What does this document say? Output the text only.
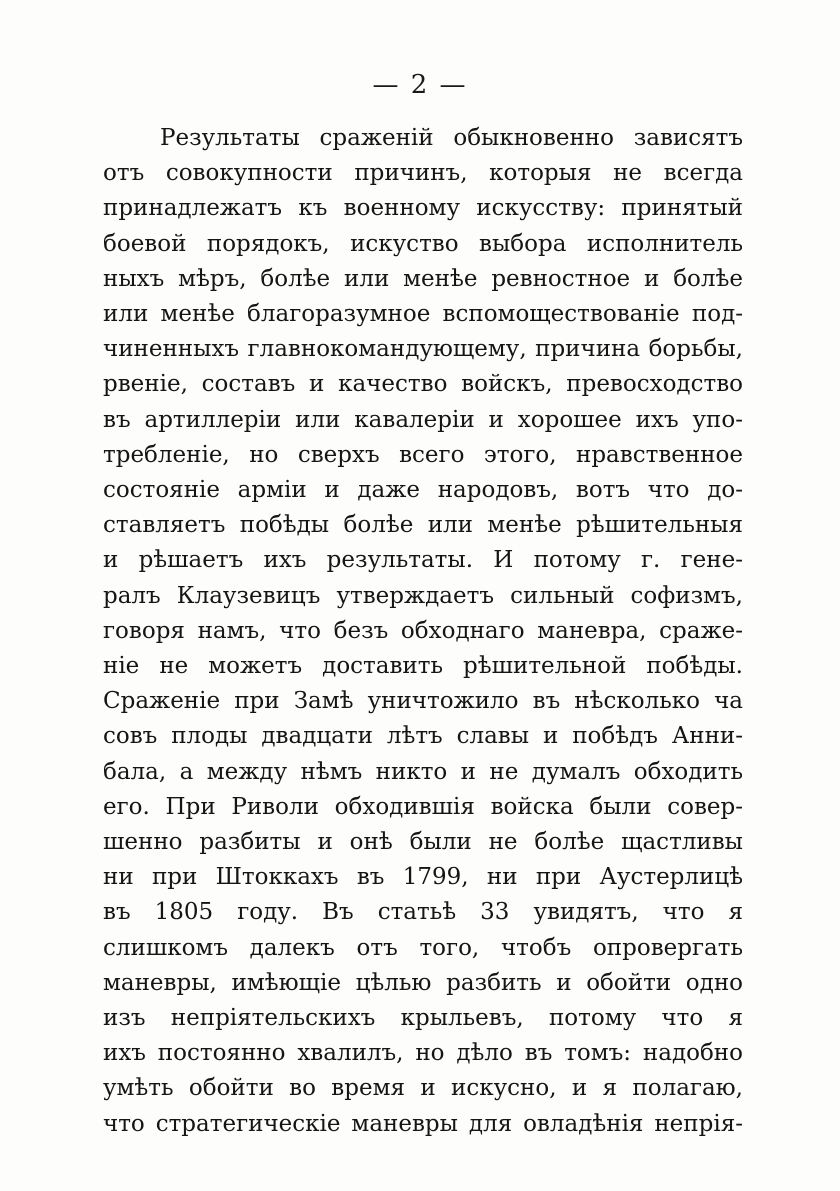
— 2 —
Результаты сраженій обыкновенно зависятъ
отъ совокупности причинъ, которыя не всегда
принадлежатъ къ военному искусству: принятый
боевой порядокъ, искуство выбора исполнитель
ныхъ мѣръ, болѣе или менѣе ревностное и болѣе
или менѣе благоразумное вспомоществованіе под-
чиненныхъ главнокомандующему, причина борьбы,
рвеніе, составъ и качество войскъ, превосходство
въ артиллеріи или кавалеріи и хорошее ихъ упо-
требленіе, но сверхъ всего этого, нравственное
состояніе арміи и даже народовъ, вотъ что до-
ставляетъ побѣды болѣе или менѣе рѣшительныя
и рѣшаетъ ихъ результаты. И потому г. гене-
ралъ Клаузевицъ утверждаетъ сильный софизмъ,
говоря намъ, что безъ обходнаго маневра, сраже-
ніе не можетъ доставить рѣшительной побѣды.
Сраженіе при Замѣ уничтожило въ нѣсколько ча
совъ плоды двадцати лѣтъ славы и побѣдъ Анни-
бала, а между нѣмъ никто и не думалъ обходить
его. При Риволи обходившія войска были совер-
шенно разбиты и онѣ были не болѣе щастливы
ни при Штоккахъ въ 1799, ни при Аустерлицѣ
въ 1805 году. Въ статьѣ 33 увидятъ, что я
слишкомъ далекъ отъ того, чтобъ опровергать
маневры, имѣющіе цѣлью разбить и обойти одно
изъ непріятельскихъ крыльевъ, потому что я
ихъ постоянно хвалилъ, но дѣло въ томъ: надобно
умѣть обойти во время и искусно, и я полагаю,
что стратегическіе маневры для овладѣнія непрія-
